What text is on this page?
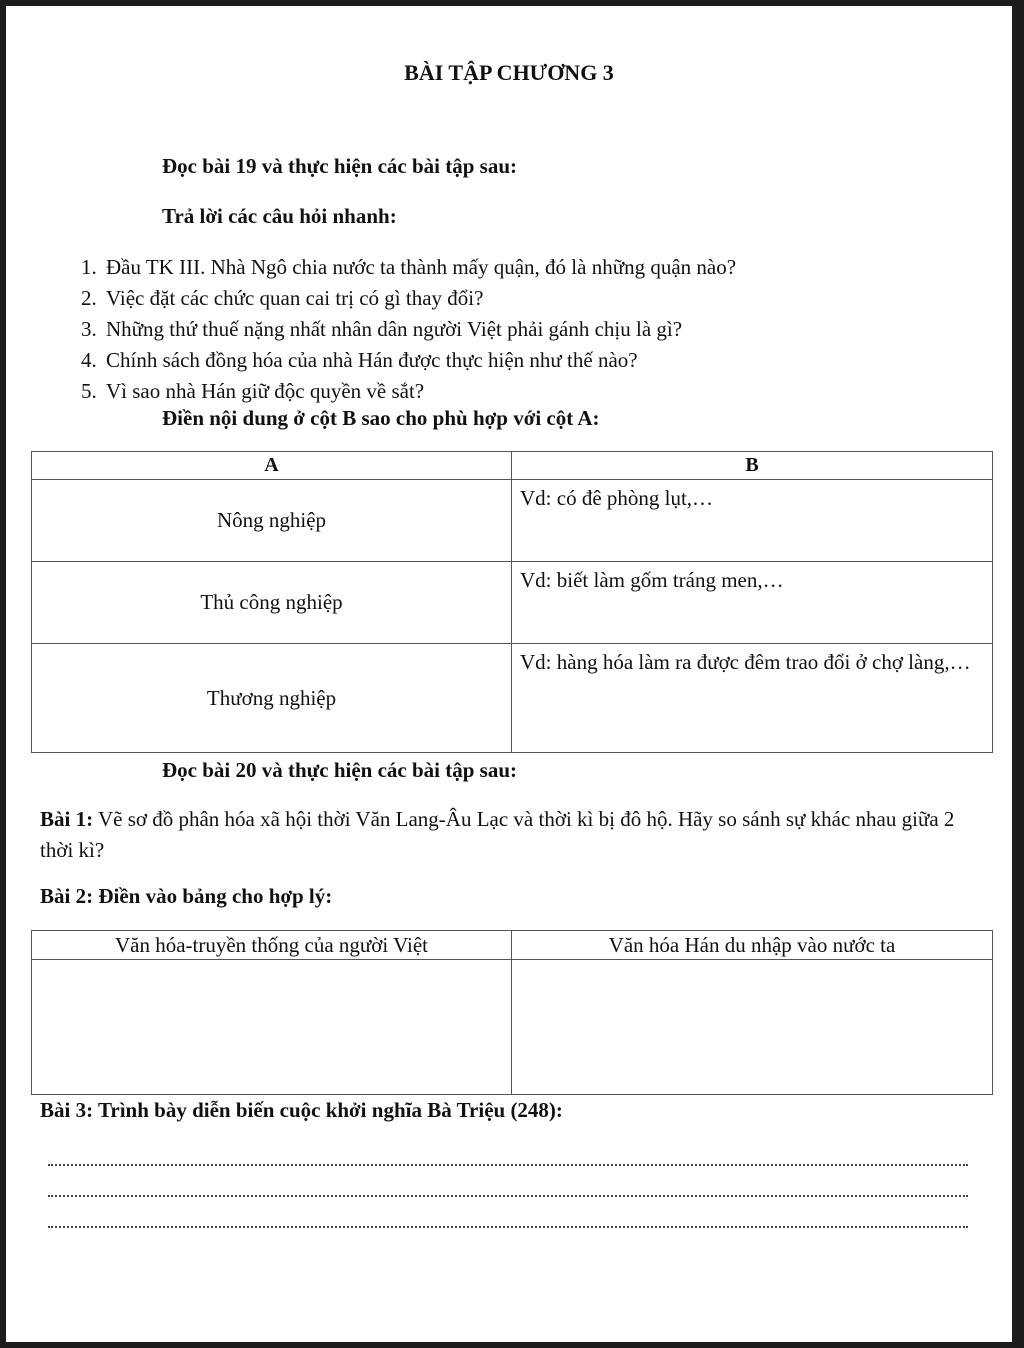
BÀI TẬP CHƯƠNG 3
Đọc bài 19 và thực hiện các bài tập sau:
Trả lời các câu hỏi nhanh:
1. Đầu TK III. Nhà Ngô chia nước ta thành mấy quận, đó là những quận nào?
2. Việc đặt các chức quan cai trị có gì thay đổi?
3. Những thứ thuế nặng nhất nhân dân người Việt phải gánh chịu là gì?
4. Chính sách đồng hóa của nhà Hán được thực hiện như thế nào?
5. Vì sao nhà Hán giữ độc quyền về sắt?
Điền nội dung ở cột B sao cho phù hợp với cột A:
A	B
Nông nghiệp	Vd: có đê phòng lụt,…
Thủ công nghiệp	Vd: biết làm gốm tráng men,…
Thương nghiệp	Vd: hàng hóa làm ra được đêm trao đổi ở chợ làng,…
Đọc bài 20 và thực hiện các bài tập sau:
Bài 1: Vẽ sơ đồ phân hóa xã hội thời Văn Lang-Âu Lạc và thời kì bị đô hộ. Hãy so sánh sự khác nhau giữa 2 thời kì?
Bài 2: Điền vào bảng cho hợp lý:
Văn hóa-truyền thống của người Việt	Văn hóa Hán du nhập vào nước ta

Bài 3: Trình bày diễn biến cuộc khởi nghĩa Bà Triệu (248):
